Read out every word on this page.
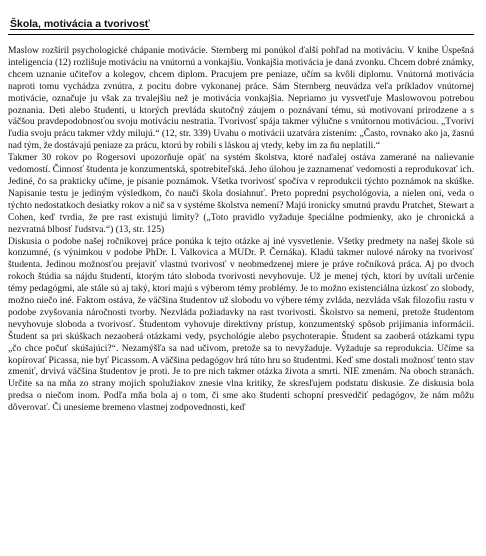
Škola, motivácia a tvorivosť

Maslow rozšíril psychologické chápanie motivácie. Sternberg mi ponúkol ďalší pohľad na motiváciu. V knihe Úspešná inteligencia (12) rozlišuje motiváciu na vnútornú a vonkajšiu. Vonkajšia motivácia je daná zvonku. Chcem dobré známky, chcem uznanie učiteľov a kolegov, chcem diplom. Pracujem pre peniaze, učím sa kvôli diplomu. Vnútorná motivácia naproti tomu vychádza zvnútra, z pocitu dobre vykonanej práce. Sám Sternberg neuvádza veľa príkladov vnútornej motivácie, označuje ju však za trvalejšiu než je motivácia vonkajšia. Nepriamo ju vysvetľuje Maslowovou potrebou poznania. Deti alebo študenti, u ktorých prevláda skutočný záujem o poznávaní tému, sú motivovaní prirodzene a s väčšou pravdepodobnosťou svoju motiváciu nestratia. Tvorivosť spája takmer výlučne s vnútornou motiváciou. „Tvoriví ľudia svoju prácu takmer vždy milujú.“ (12, str. 339) Uvahu o motivácii uzatvára zistením: „Často, rovnako ako ja, žasnú nad tým, že dostávajú peniaze za prácu, ktorú by robili s láskou aj vtedy, keby im za ňu neplatili.“

Takmer 30 rokov po Rogersovi upozorňuje opäť na systém školstva, ktoré naďalej ostáva zamerané na nalievanie vedomostí. Činnosť študenta je konzumentská, spotrebiteľská. Jeho úlohou je zaznamenať vedomosti a reprodukovať ich. Jediné, čo sa prakticky učíme, je písanie poznámok. Všetka tvorivosť spočíva v reprodukcii týchto poznámok na skúške. Napisanie testu je jediným výsledkom, čo naučí škola dosiahnuť. Preto popredni psychológovia, a nielen oni, veda o týchto nedostatkoch desiatky rokov a nič sa v systéme školstva nemení? Majú ironicky smutnú pravdu Pratchet, Stewart a Cohen, keď tvrdia, že pre rast existujú limity? („Toto pravidlo vyžaduje špeciálne podmienky, ako je chronická a nezvratná blbosť ľudstva.“) (13, str. 125)

Diskusia o podobe našej ročníkovej práce ponúka k tejto otázke aj iné vysvetlenie. Všetky predmety na našej škole sú konzumné, (s výnimkou v podobe PhDr. I. Valkovica a MUDr. P. Černáka). Kladú takmer nulové nároky na tvorivosť študenta. Jedinou možnosťou prejaviť vlastnú tvorivosť v neobmedzenej miere je práve ročníková práca. Aj po dvoch rokoch štúdia sa nájdu študenti, ktorým táto sloboda tvorivosti nevyhovuje. Už je menej tých, ktorí by uvítali určenie témy pedagógmi, ale stále sú aj taký, ktorí majú s výberom témy problémy. Je to možno existenciálna úzkosť zo slobody, možno niečo iné. Faktom ostáva, že väčšina študentov už slobodu vo výbere témy zvláda, nezvláda však filozofiu rastu v podobe zvyšovania náročnosti tvorby. Nezvláda požiadavky na rast tvorivosti. Školstvo sa nemení, pretože študentom nevyhovuje sloboda a tvorivosť. Študentom vyhovuje direktívny prístup, konzumentský spôsob prijímania informácii. Študent sa pri skúškach nezaoberá otázkami vedy, psychológie alebo psychoterapie. Študent sa zaoberá otázkami typu „čo chce počuť skúšajúci?“. Nezamýšľa sa nad učivom, pretože sa to nevyžaduje. Vyžaduje sa reprodukcia. Učíme sa kopírovať Picassa, nie byť Picassom. A väčšina pedagógov hrá túto hru so študentmi. Keď sme dostali možnosť tento stav zmeniť, drvivá väčšina študentov je proti. Je to pre nich takmer otázka života a smrti. NIE zmenám. Na oboch stranách. Určite sa na mňa zo strany mojich spolužiakov znesie vlna kritiky, že skresľujem podstatu diskusie. Ze diskusia bola predsa o niečom inom. Podľa mňa bola aj o tom, či sme ako študenti schopní presvedčiť pedagógov, že nám môžu dôverovať. Či unesieme bremeno vlastnej zodpovednosti, keď
